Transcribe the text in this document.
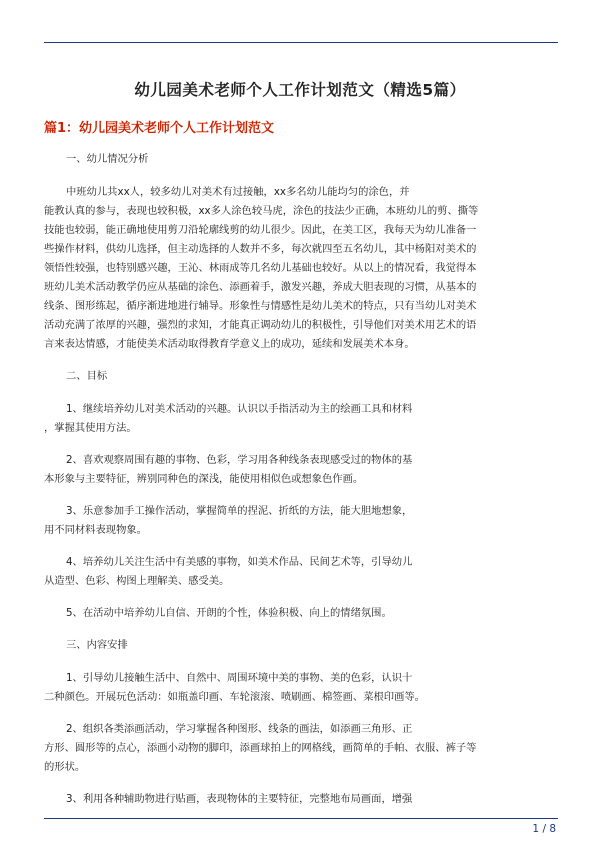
幼儿园美术老师个人工作计划范文（精选5篇）
篇1：幼儿园美术老师个人工作计划范文
一、幼儿情况分析
中班幼儿共xx人，较多幼儿对美术有过接触，xx多名幼儿能均匀的涂色，并
能教认真的参与，表现也较积极，xx多人涂色较马虎，涂色的技法少正确，本班幼儿的剪、撕等
技能也较弱，能正确地使用剪刀沿轮廓线剪的幼儿很少。因此，在美工区，我每天为幼儿准备一
些操作材料，供幼儿选择，但主动选择的人数并不多，每次就四至五名幼儿，其中杨阳对美术的
领悟性较强，也特别感兴趣，王沁、林雨成等几名幼儿基础也较好。从以上的情况看，我觉得本
班幼儿美术活动教学仍应从基础的涂色、添画着手，激发兴趣，养成大胆表现的习惯，从基本的
线条、图形练起，循序渐进地进行辅导。形象性与情感性是幼儿美术的特点，只有当幼儿对美术
活动充满了浓厚的兴趣，强烈的求知，才能真正调动幼儿的积极性，引导他们对美术用艺术的语
言来表达情感，才能使美术活动取得教育学意义上的成功，延续和发展美术本身。
二、目标
1、继续培养幼儿对美术活动的兴趣。认识以手指活动为主的绘画工具和材料
，掌握其使用方法。
2、喜欢观察周围有趣的事物、色彩，学习用各种线条表现感受过的物体的基
本形象与主要特征，辨别同种色的深浅，能使用相似色或想象色作画。
3、乐意参加手工操作活动，掌握简单的捏泥、折纸的方法，能大胆地想象，
用不同材料表现物象。
4、培养幼儿关注生活中有美感的事物，如美术作品、民间艺术等，引导幼儿
从造型、色彩、构图上理解美、感受美。
5、在活动中培养幼儿自信、开朗的个性，体验积极、向上的情绪氛围。
三、内容安排
1、引导幼儿接触生活中、自然中、周围环境中美的事物、美的色彩，认识十
二种颜色。开展玩色活动：如瓶盖印画、车轮滚滚、喷刷画、棉签画、菜根印画等。
2、组织各类添画活动，学习掌握各种图形、线条的画法，如添画三角形、正
方形、圆形等的点心，添画小动物的脚印，添画球拍上的网格线，画简单的手帕、衣服、裤子等
的形状。
3、利用各种辅助物进行贴画，表现物体的主要特征，完整地布局画面，增强
1 / 8
